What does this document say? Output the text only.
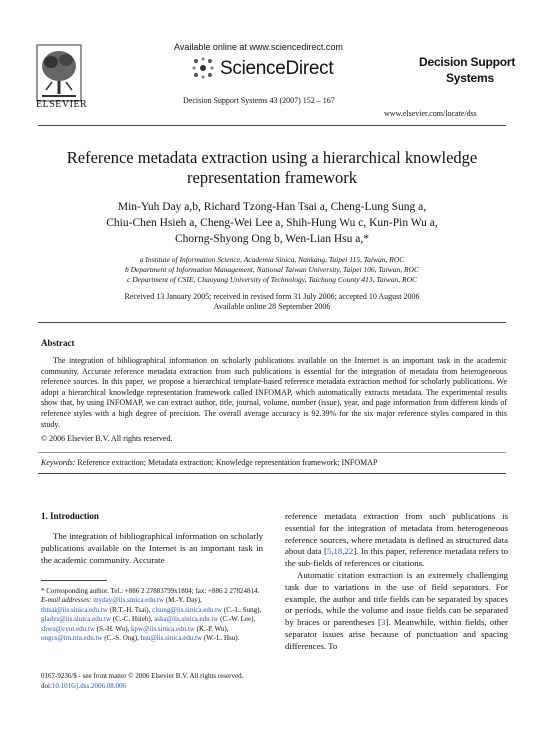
ELSEVIER
Available online at www.sciencedirect.com
ScienceDirect
Decision Support Systems 43 (2007) 152 – 167
Decision Support
Systems
www.elsevier.com/locate/dss
Reference metadata extraction using a hierarchical knowledge
representation framework
Min-Yuh Day a,b, Richard Tzong-Han Tsai a, Cheng-Lung Sung a,
Chiu-Chen Hsieh a, Cheng-Wei Lee a, Shih-Hung Wu c, Kun-Pin Wu a,
Chorng-Shyong Ong b, Wen-Lian Hsu a,*
a Institute of Information Science, Academia Sinica, Nankang, Taipei 115, Taiwan, ROC
b Department of Information Management, National Taiwan University, Taipei 106, Taiwan, ROC
c Department of CSIE, Chaoyang University of Technology, Taichung County 413, Taiwan, ROC
Received 13 January 2005; received in revised form 31 July 2006; accepted 10 August 2006
Available online 28 September 2006
Abstract
The integration of bibliographical information on scholarly publications available on the Internet is an important task in the academic community. Accurate reference metadata extraction from such publications is essential for the integration of metadata from heterogeneous reference sources. In this paper, we propose a hierarchical template-based reference metadata extraction method for scholarly publications. We adopt a hierarchical knowledge representation framework called INFOMAP, which automatically extracts metadata. The experimental results show that, by using INFOMAP, we can extract author, title, journal, volume, number (issue), year, and page information from different kinds of reference styles with a high degree of precision. The overall average accuracy is 92.39% for the six major reference styles compared in this study.
© 2006 Elsevier B.V. All rights reserved.
Keywords: Reference extraction; Metadata extraction; Knowledge representation framework; INFOMAP
1. Introduction
The integration of bibliographical information on scholarly publications available on the Internet is an important task in the academic community. Accurate

reference metadata extraction from such publications is essential for the integration of metadata from heterogeneous reference sources, where metadata is defined as structured data about data [5,18,22]. In this paper, reference metadata refers to the sub-fields of references or citations.

Automatic citation extraction is an extremely challenging task due to variations in the use of field separators. For example, the author and title fields can be separated by spaces or periods, while the volume and issue fields can be separated by braces or parentheses [3]. Meanwhile, within fields, other separator issues arise because of punctuation and spacing differences. To

* Corresponding author. Tel.: +886 2 27883799x1804; fax: +886 2 27824814.
E-mail addresses: myday@iis.sinica.edu.tw (M.-Y. Day), thtsai@iis.sinica.edu.tw (R.T.-H. Tsai), clsung@iis.sinica.edu.tw (C.-L. Sung), gladys@iis.sinica.edu.tw (C.-C. Hsieh), aska@iis.sinica.edu.tw (C.-W. Lee), shwu@cyut.edu.tw (S.-H. Wu), kpw@iis.sinica.edu.tw (K.-P. Wu), ongcs@im.ntu.edu.tw (C.-S. Ong), hsu@iis.sinica.edu.tw (W.-L. Hsu).
0167-9236/$ - see front matter © 2006 Elsevier B.V. All rights reserved.
doi:10.1016/j.dss.2006.08.006
